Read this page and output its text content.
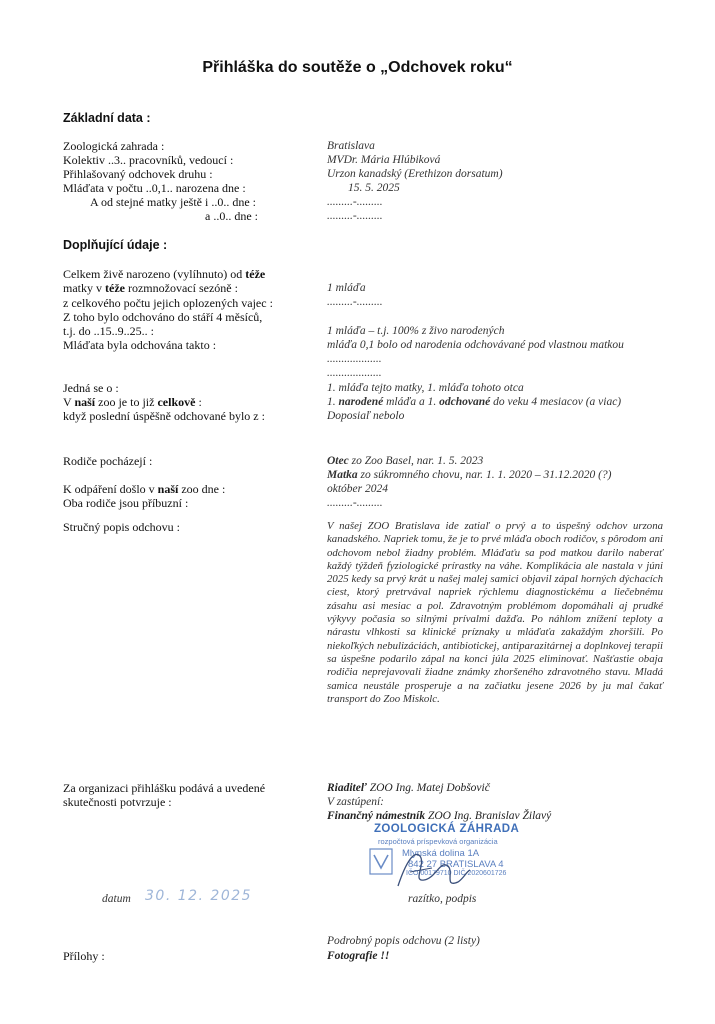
Přihláška do soutěže o „Odchovek roku“
Základní data :
Zoologická zahrada :	Bratislava
Kolektiv ..3.. pracovníků, vedoucí :	MVDr. Mária Hlúbiková
Přihlašovaný odchovek druhu :	Urzon kanadský (Erethizon dorsatum)
Mláďata v počtu ..0,1.. narozena dne :	15. 5. 2025
A od stejné matky ještě i ..0.. dne :	.........-.........
a ..0.. dne :	.........-.........
Doplňující údaje :
Celkem živě narozeno (vylíhnuto) od téže
matky v téže rozmnožovací sezóně :	1 mláďa
z celkového počtu jejich oplozených vajec :	.........-.........
Z toho bylo odchováno do stáří 4 měsíců,
t.j. do ..15..9..25.. :	1 mláďa – t.j. 100% z živo narodených
Mláďata byla odchována takto :	mláďa 0,1 bolo od narodenia odchovávané pod vlastnou matkou
...................
...................
Jedná se o :	1. mláďa tejto matky, 1. mláďa tohoto otca
V naší zoo je to již celkově :	1. narodené mláďa a 1. odchované do veku 4 mesiacov (a viac)
když poslední úspěšně odchované bylo z :	Doposiaľ nebolo
Rodiče pocházejí :	Otec zo Zoo Basel, nar. 1. 5. 2023
Matka zo súkromného chovu, nar. 1. 1. 2020 – 31.12.2020 (?)
K odpáření došlo v naší zoo dne :	október 2024
Oba rodiče jsou příbuzní :	.........-.........
Stručný popis odchovu :	V našej ZOO Bratislava ide zatiaľ o prvý a to úspešný odchov urzona kanadského. Napriek tomu, že je to prvé mláďa oboch rodičov, s pôrodom ani odchovom nebol žiadny problém. Mláďaťu sa pod matkou darilo naberať každý týždeň fyziologické prírastky na váhe. Komplikácia ale nastala v júni 2025 kedy sa prvý krát u našej malej samici objavil zápal horných dýchacích ciest, ktorý pretrvával napriek rýchlemu diagnostickému a liečebnému zásahu asi mesiac a pol. Zdravotným problémom dopomáhali aj prudké výkyvy počasia so silnými prívalmi dažďa. Po náhlom znížení teploty a nárastu vlhkosti sa klinické príznaky u mláďaťa zakaždým zhoršili. Po niekoľkých nebulizáciách, antibiotickej, antiparazitárnej a doplnkovej terapii sa úspešne podarilo zápal na konci júla 2025 eliminovať. Našťastie obaja rodičia neprejavovali žiadne známky zhoršeného zdravotného stavu. Mladá samica neustále prosperuje a na začiatku jesene 2026 by ju mal čakať transport do Zoo Miskolc.
Za organizaci přihlášku podává a uvedené
skutečnosti potvrzuje :
Riaditeľ ZOO Ing. Matej Dobšovič
V zastúpení:
Finančný námestník ZOO Ing. Branislav Žilavý
ZOOLOGICKÁ ZÁHRADA
rozpočtová príspevková organizácia
Mlynská dolina 1A
842 27 BRATISLAVA 4
IČO 00179710 DIČ 2020601726
razítko, podpis
datum 30. 12. 2025
Podrobný popis odchovu (2 listy)
Přílohy :	Fotografie !!
